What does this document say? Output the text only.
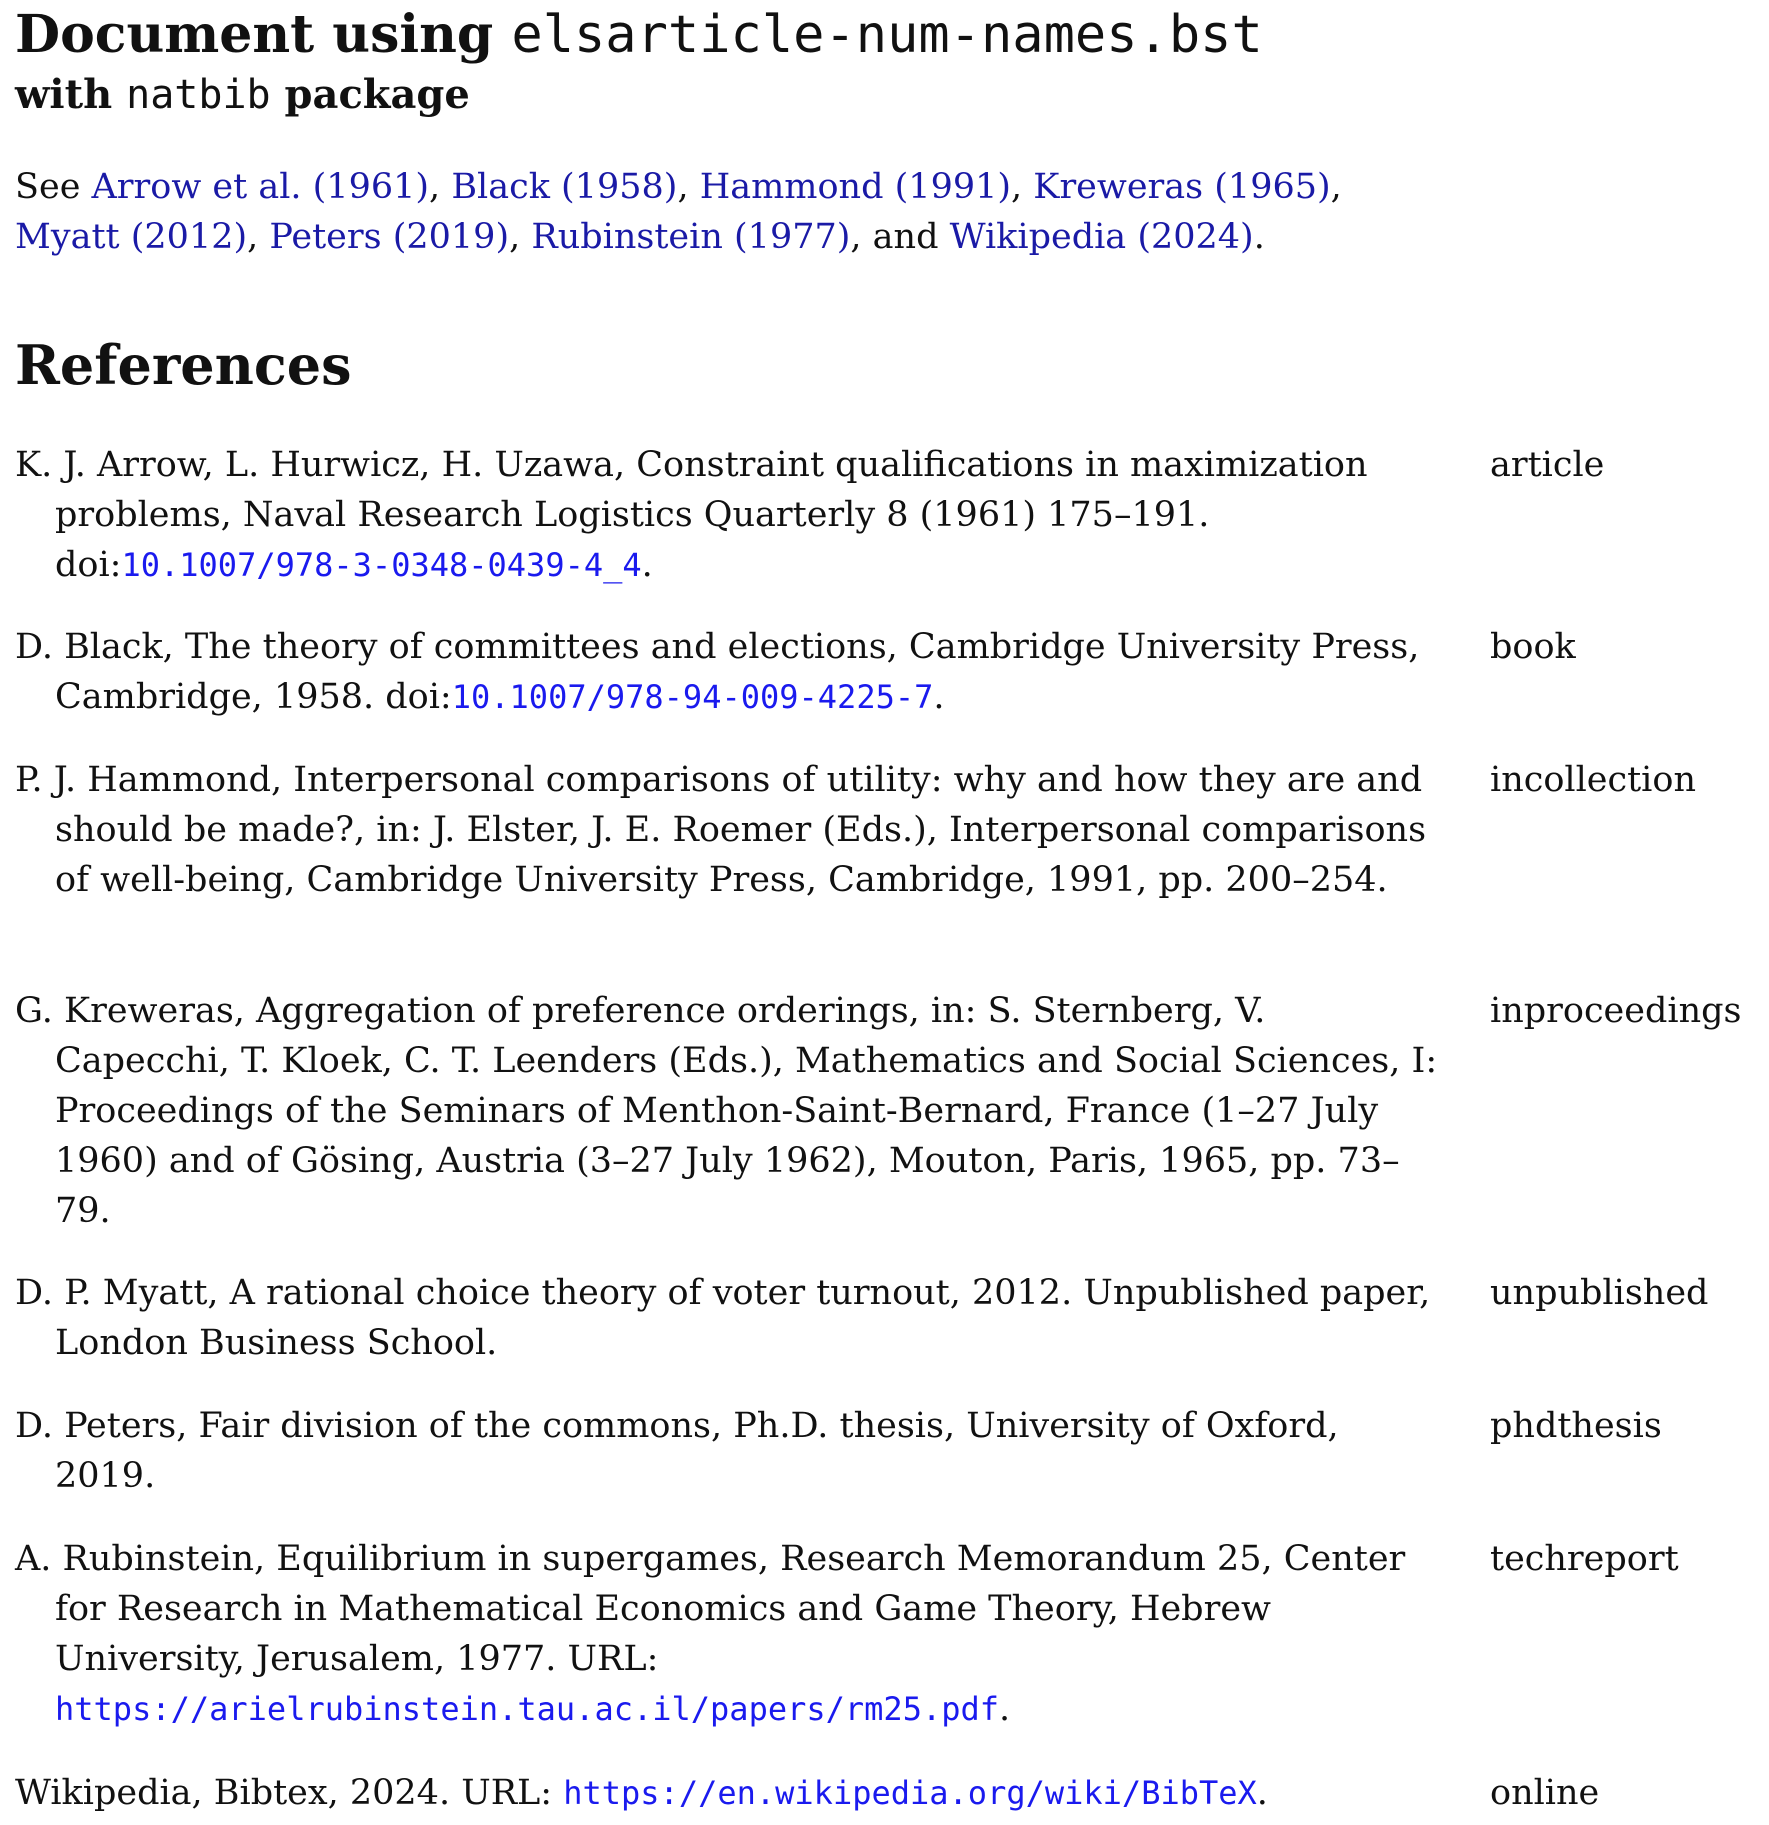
Document using elsarticle-num-names.bst
with natbib package

See Arrow et al. (1961), Black (1958), Hammond (1991), Kreweras (1965), Myatt (2012), Peters (2019), Rubinstein (1977), and Wikipedia (2024).

References

K. J. Arrow, L. Hurwicz, H. Uzawa, Constraint qualifications in maximization problems, Naval Research Logistics Quarterly 8 (1961) 175–191. doi:10.1007/978-3-0348-0439-4_4.

article

D. Black, The theory of committees and elections, Cambridge University Press, Cambridge, 1958. doi:10.1007/978-94-009-4225-7.

book

P. J. Hammond, Interpersonal comparisons of utility: why and how they are and should be made?, in: J. Elster, J. E. Roemer (Eds.), Interpersonal comparisons of well-being, Cambridge University Press, Cambridge, 1991, pp. 200–254.

incollection

G. Kreweras, Aggregation of preference orderings, in: S. Sternberg, V. Capecchi, T. Kloek, C. T. Leenders (Eds.), Mathematics and Social Sciences, I: Proceedings of the Seminars of Menthon-Saint-Bernard, France (1–27 July 1960) and of Gösing, Austria (3–27 July 1962), Mouton, Paris, 1965, pp. 73–79.

inproceedings

D. P. Myatt, A rational choice theory of voter turnout, 2012. Unpublished paper, London Business School.

unpublished

D. Peters, Fair division of the commons, Ph.D. thesis, University of Oxford, 2019.

phdthesis

A. Rubinstein, Equilibrium in supergames, Research Memorandum 25, Center for Research in Mathematical Economics and Game Theory, Hebrew University, Jerusalem, 1977. URL: https://arielrubinstein.tau.ac.il/papers/rm25.pdf.

techreport

Wikipedia, Bibtex, 2024. URL: https://en.wikipedia.org/wiki/BibTeX.	online
